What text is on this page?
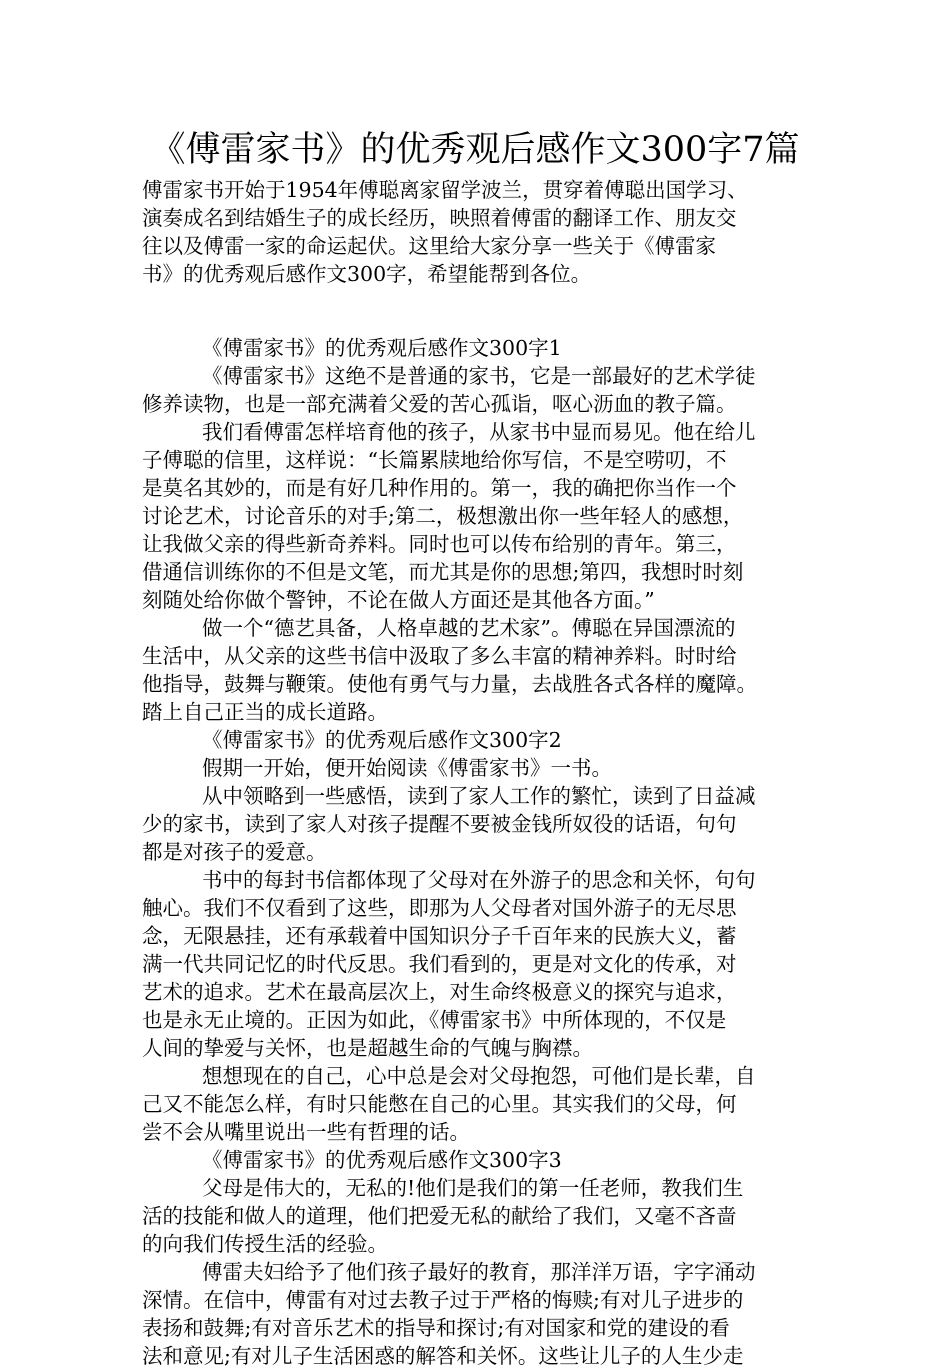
《傅雷家书》的优秀观后感作文300字7篇
傅雷家书开始于1954年傅聪离家留学波兰，贯穿着傅聪出国学习、
演奏成名到结婚生子的成长经历，映照着傅雷的翻译工作、朋友交
往以及傅雷一家的命运起伏。这里给大家分享一些关于《傅雷家
书》的优秀观后感作文300字，希望能帮到各位。
《傅雷家书》的优秀观后感作文300字1
《傅雷家书》这绝不是普通的家书，它是一部最好的艺术学徒
修养读物，也是一部充满着父爱的苦心孤诣，呕心沥血的教子篇。
我们看傅雷怎样培育他的孩子，从家书中显而易见。他在给儿
子傅聪的信里，这样说：“长篇累牍地给你写信，不是空唠叨，不
是莫名其妙的，而是有好几种作用的。第一，我的确把你当作一个
讨论艺术，讨论音乐的对手;第二，极想激出你一些年轻人的感想，
让我做父亲的得些新奇养料。同时也可以传布给别的青年。第三，
借通信训练你的不但是文笔，而尤其是你的思想;第四，我想时时刻
刻随处给你做个警钟，不论在做人方面还是其他各方面。”
做一个“德艺具备，人格卓越的艺术家”。傅聪在异国漂流的
生活中，从父亲的这些书信中汲取了多么丰富的精神养料。时时给
他指导，鼓舞与鞭策。使他有勇气与力量，去战胜各式各样的魔障。
踏上自己正当的成长道路。
《傅雷家书》的优秀观后感作文300字2
假期一开始，便开始阅读《傅雷家书》一书。
从中领略到一些感悟，读到了家人工作的繁忙，读到了日益减
少的家书，读到了家人对孩子提醒不要被金钱所奴役的话语，句句
都是对孩子的爱意。
书中的每封书信都体现了父母对在外游子的思念和关怀，句句
触心。我们不仅看到了这些，即那为人父母者对国外游子的无尽思
念，无限悬挂，还有承载着中国知识分子千百年来的民族大义，蓄
满一代共同记忆的时代反思。我们看到的，更是对文化的传承，对
艺术的追求。艺术在最高层次上，对生命终极意义的探究与追求，
也是永无止境的。正因为如此，《傅雷家书》中所体现的，不仅是
人间的挚爱与关怀，也是超越生命的气魄与胸襟。
想想现在的自己，心中总是会对父母抱怨，可他们是长辈，自
己又不能怎么样，有时只能憋在自己的心里。其实我们的父母，何
尝不会从嘴里说出一些有哲理的话。
《傅雷家书》的优秀观后感作文300字3
父母是伟大的，无私的!他们是我们的第一任老师，教我们生
活的技能和做人的道理，他们把爱无私的献给了我们，又毫不吝啬
的向我们传授生活的经验。
傅雷夫妇给予了他们孩子最好的教育，那洋洋万语，字字涌动
深情。在信中，傅雷有对过去教子过于严格的悔赎;有对儿子进步的
表扬和鼓舞;有对音乐艺术的指导和探讨;有对国家和党的建设的看
法和意见;有对儿子生活困惑的解答和关怀。这些让儿子的人生少走
